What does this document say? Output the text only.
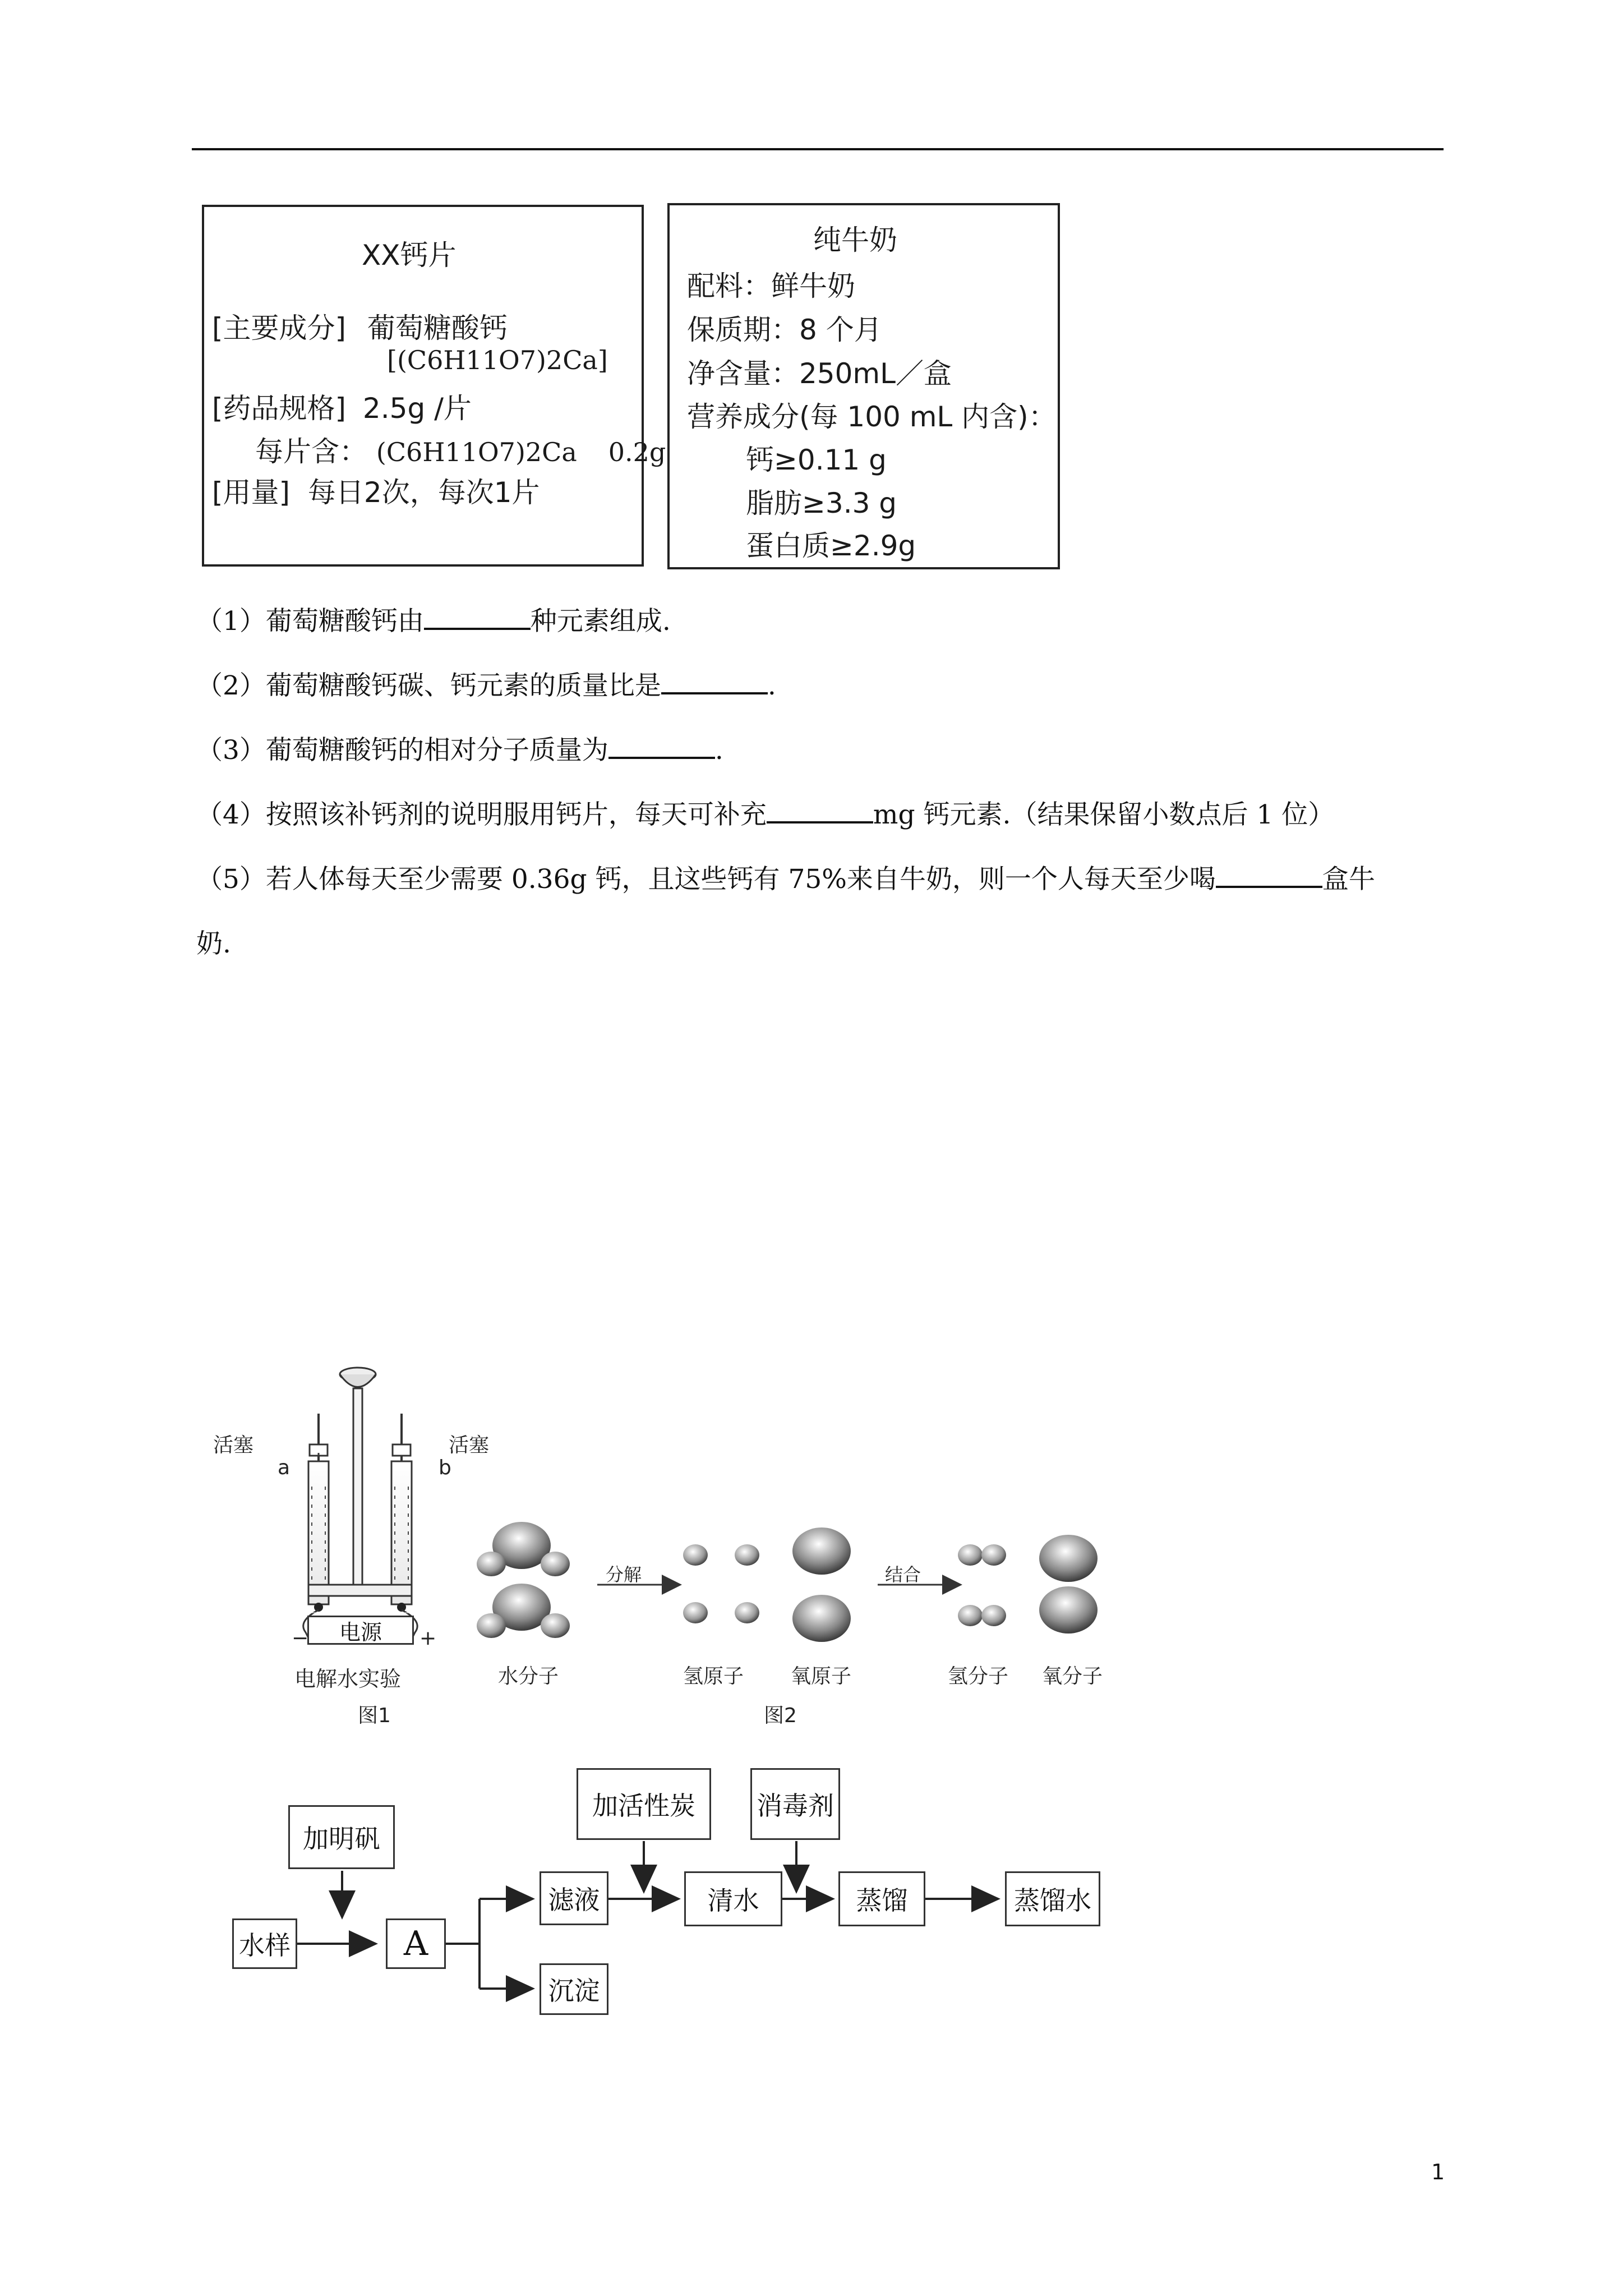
XX钙片
[主要成分] 葡萄糖酸钙
[(C6H11O7)2Ca]
[药品规格] 2.5g /片
每片含： (C6H11O7)2Ca 0.2g
[用量] 每日2次，每次1片
纯牛奶
配料：鲜牛奶
保质期：8 个月
净含量：250mL／盒
营养成分(每 100 mL 内含)：
钙≥0.11 g
脂肪≥3.3 g
蛋白质≥2.9g
（1）葡萄糖酸钙由	种元素组成.
（2）葡萄糖酸钙碳、钙元素的质量比是	.
（3）葡萄糖酸钙的相对分子质量为	.
（4）按照该补钙剂的说明服用钙片，每天可补充	mg 钙元素.（结果保留小数点后 1 位）
（5）若人体每天至少需要 0.36g 钙，且这些钙有 75%来自牛奶，则一个人每天至少喝	盒牛
奶.
活塞	活塞
a	b
电源
−	+
电解水实验
图1
分解	结合
水分子	氢原子 氧原子	氢分子 氧分子
图2
加明矾
水样	A
滤液
沉淀
加活性炭
清水
消毒剂
蒸馏	蒸馏水
1
